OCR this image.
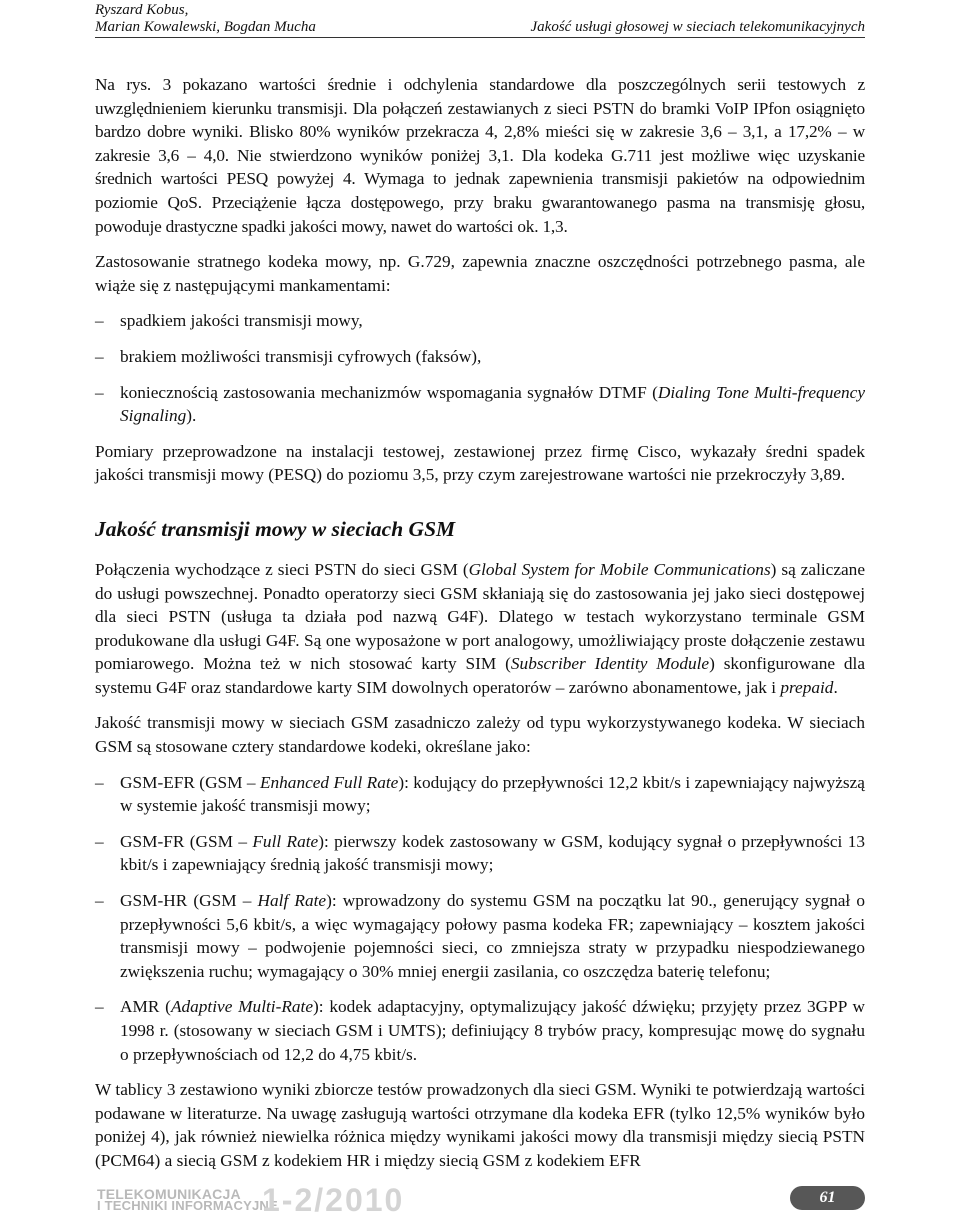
Ryszard Kobus,
Marian Kowalewski, Bogdan Mucha	Jakość usługi głosowej w sieciach telekomunikacyjnych

Na rys. 3 pokazano wartości średnie i odchylenia standardowe dla poszczególnych serii testowych z uwzględnieniem kierunku transmisji. Dla połączeń zestawianych z sieci PSTN do bramki VoIP IPfon osiągnięto bardzo dobre wyniki. Blisko 80% wyników przekracza 4, 2,8% mieści się w zakresie 3,6 – 3,1, a 17,2% – w zakresie 3,6 – 4,0. Nie stwierdzono wyników poniżej 3,1. Dla kodeka G.711 jest możliwe więc uzyskanie średnich wartości PESQ powyżej 4. Wymaga to jednak zapewnienia transmisji pakietów na odpowiednim poziomie QoS. Przeciążenie łącza dostępowego, przy braku gwarantowanego pasma na transmisję głosu, powoduje drastyczne spadki jakości mowy, nawet do wartości ok. 1,3.

Zastosowanie stratnego kodeka mowy, np. G.729, zapewnia znaczne oszczędności potrzebnego pasma, ale wiąże się z następującymi mankamentami:

– spadkiem jakości transmisji mowy,
– brakiem możliwości transmisji cyfrowych (faksów),
– koniecznością zastosowania mechanizmów wspomagania sygnałów DTMF (Dialing Tone Multi-frequency Signaling).

Pomiary przeprowadzone na instalacji testowej, zestawionej przez firmę Cisco, wykazały średni spadek jakości transmisji mowy (PESQ) do poziomu 3,5, przy czym zarejestrowane wartości nie przekroczyły 3,89.

Jakość transmisji mowy w sieciach GSM

Połączenia wychodzące z sieci PSTN do sieci GSM (Global System for Mobile Communications) są zaliczane do usługi powszechnej. Ponadto operatorzy sieci GSM skłaniają się do zastosowania jej jako sieci dostępowej dla sieci PSTN (usługa ta działa pod nazwą G4F). Dlatego w testach wykorzystano terminale GSM produkowane dla usługi G4F. Są one wyposażone w port analogowy, umożliwiający proste dołączenie zestawu pomiarowego. Można też w nich stosować karty SIM (Subscriber Identity Module) skonfigurowane dla systemu G4F oraz standardowe karty SIM dowolnych operatorów – zarówno abonamentowe, jak i prepaid.

Jakość transmisji mowy w sieciach GSM zasadniczo zależy od typu wykorzystywanego kodeka. W sieciach GSM są stosowane cztery standardowe kodeki, określane jako:

– GSM-EFR (GSM – Enhanced Full Rate): kodujący do przepływności 12,2 kbit/s i zapewniający najwyższą w systemie jakość transmisji mowy;
– GSM-FR (GSM – Full Rate): pierwszy kodek zastosowany w GSM, kodujący sygnał o przepływności 13 kbit/s i zapewniający średnią jakość transmisji mowy;
– GSM-HR (GSM – Half Rate): wprowadzony do systemu GSM na początku lat 90., generujący sygnał o przepływności 5,6 kbit/s, a więc wymagający połowy pasma kodeka FR; zapewniający – kosztem jakości transmisji mowy – podwojenie pojemności sieci, co zmniejsza straty w przypadku niespodziewanego zwiększenia ruchu; wymagający o 30% mniej energii zasilania, co oszczędza baterię telefonu;
– AMR (Adaptive Multi-Rate): kodek adaptacyjny, optymalizujący jakość dźwięku; przyjęty przez 3GPP w 1998 r. (stosowany w sieciach GSM i UMTS); definiujący 8 trybów pracy, kompresując mowę do sygnału o przepływnościach od 12,2 do 4,75 kbit/s.

W tablicy 3 zestawiono wyniki zbiorcze testów prowadzonych dla sieci GSM. Wyniki te potwierdzają wartości podawane w literaturze. Na uwagę zasługują wartości otrzymane dla kodeka EFR (tylko 12,5% wyników było poniżej 4), jak również niewielka różnica między wynikami jakości mowy dla transmisji między siecią PSTN (PCM64) a siecią GSM z kodekiem HR i między siecią GSM z kodekiem EFR

TELEKOMUNIKACJA
I TECHNIKI INFORMACYJNE
1-2/2010	61
